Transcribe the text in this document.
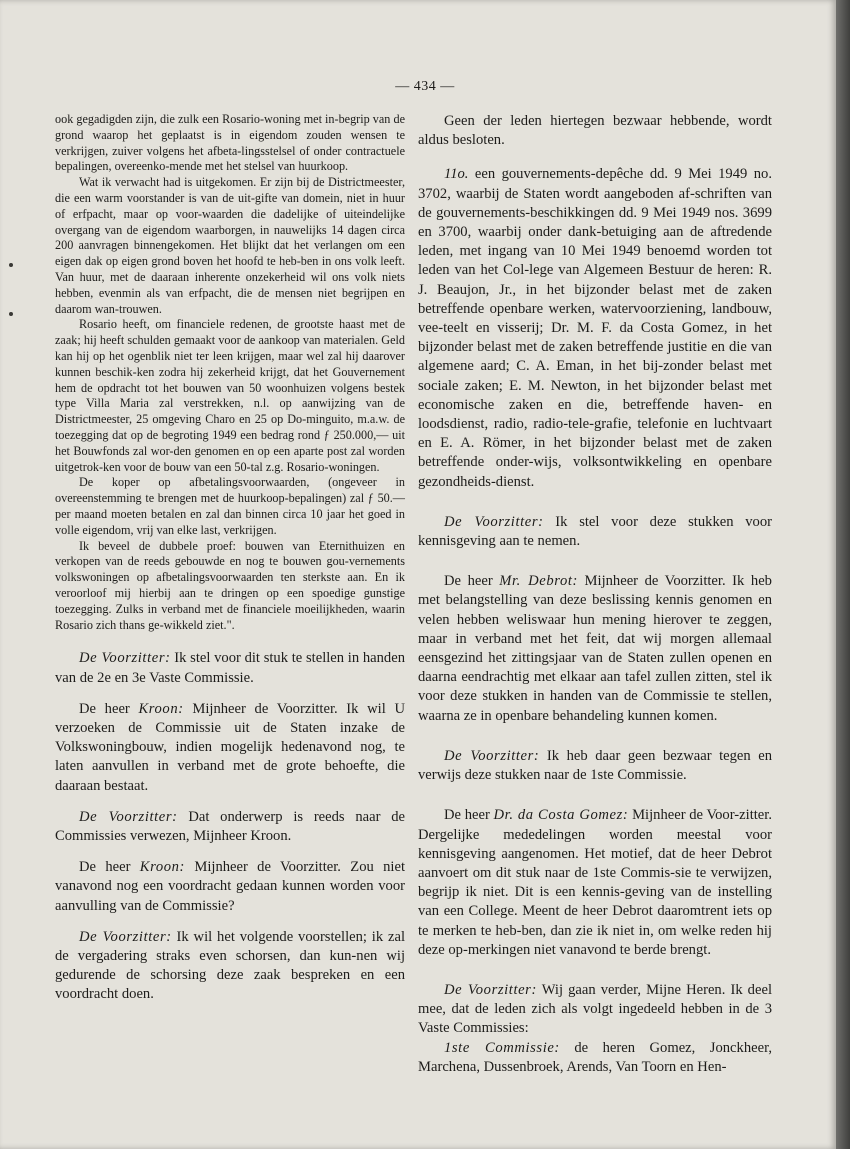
— 434 —

ook gegadigden zijn, die zulk een Rosario-woning met in-begrip van de grond waarop het geplaatst is in eigendom zouden wensen te verkrijgen, zuiver volgens het afbeta-lingsstelsel of onder contractuele bepalingen, overeenko-mende met het stelsel van huurkoop.

Wat ik verwacht had is uitgekomen. Er zijn bij de Districtmeester, die een warm voorstander is van de uit-gifte van domein, niet in huur of erfpacht, maar op voor-waarden die dadelijke of uiteindelijke overgang van de eigendom waarborgen, in nauwelijks 14 dagen circa 200 aanvragen binnengekomen. Het blijkt dat het verlangen om een eigen dak op eigen grond boven het hoofd te heb-ben in ons volk leeft. Van huur, met de daaraan inherente onzekerheid wil ons volk niets hebben, evenmin als van erfpacht, die de mensen niet begrijpen en daarom wan-trouwen.

Rosario heeft, om financiele redenen, de grootste haast met de zaak; hij heeft schulden gemaakt voor de aankoop van materialen. Geld kan hij op het ogenblik niet ter leen krijgen, maar wel zal hij daarover kunnen beschik-ken zodra hij zekerheid krijgt, dat het Gouvernement hem de opdracht tot het bouwen van 50 woonhuizen volgens bestek type Villa Maria zal verstrekken, n.l. op aanwijzing van de Districtmeester, 25 omgeving Charo en 25 op Do-minguito, m.a.w. de toezegging dat op de begroting 1949 een bedrag rond ƒ 250.000,— uit het Bouwfonds zal wor-den genomen en op een aparte post zal worden uitgetrok-ken voor de bouw van een 50-tal z.g. Rosario-woningen.

De koper op afbetalingsvoorwaarden, (ongeveer in overeenstemming te brengen met de huurkoop-bepalingen) zal ƒ 50.— per maand moeten betalen en zal dan binnen circa 10 jaar het goed in volle eigendom, vrij van elke last, verkrijgen.

Ik beveel de dubbele proef: bouwen van Eternithuizen en verkopen van de reeds gebouwde en nog te bouwen gou-vernements volkswoningen op afbetalingsvoorwaarden ten sterkste aan. En ik veroorloof mij hierbij aan te dringen op een spoedige gunstige toezegging. Zulks in verband met de financiele moeilijkheden, waarin Rosario zich thans ge-wikkeld ziet.".

De Voorzitter: Ik stel voor dit stuk te stellen in handen van de 2e en 3e Vaste Commissie.

De heer Kroon: Mijnheer de Voorzitter. Ik wil U verzoeken de Commissie uit de Staten inzake de Volkswoningbouw, indien mogelijk hedenavond nog, te laten aanvullen in verband met de grote behoefte, die daaraan bestaat.

De Voorzitter: Dat onderwerp is reeds naar de Commissies verwezen, Mijnheer Kroon.

De heer Kroon: Mijnheer de Voorzitter. Zou niet vanavond nog een voordracht gedaan kunnen worden voor aanvulling van de Commissie?

De Voorzitter: Ik wil het volgende voorstellen; ik zal de vergadering straks even schorsen, dan kun-nen wij gedurende de schorsing deze zaak bespreken en een voordracht doen.

Geen der leden hiertegen bezwaar hebbende, wordt aldus besloten.

11o. een gouvernements-depêche dd. 9 Mei 1949 no. 3702, waarbij de Staten wordt aangeboden af-schriften van de gouvernements-beschikkingen dd. 9 Mei 1949 nos. 3699 en 3700, waarbij onder dank-betuiging aan de aftredende leden, met ingang van 10 Mei 1949 benoemd worden tot leden van het Col-lege van Algemeen Bestuur de heren: R. J. Beaujon, Jr., in het bijzonder belast met de zaken betreffende openbare werken, watervoorziening, landbouw, vee-teelt en visserij; Dr. M. F. da Costa Gomez, in het bijzonder belast met de zaken betreffende justitie en die van algemene aard; C. A. Eman, in het bij-zonder belast met sociale zaken; E. M. Newton, in het bijzonder belast met economische zaken en die, betreffende haven- en loodsdienst, radio, radio-tele-grafie, telefonie en luchtvaart en E. A. Römer, in het bijzonder belast met de zaken betreffende onder-wijs, volksontwikkeling en openbare gezondheids-dienst.

De Voorzitter: Ik stel voor deze stukken voor kennisgeving aan te nemen.

De heer Mr. Debrot: Mijnheer de Voorzitter. Ik heb met belangstelling van deze beslissing kennis genomen en velen hebben weliswaar hun mening hierover te zeggen, maar in verband met het feit, dat wij morgen allemaal eensgezind het zittingsjaar van de Staten zullen openen en daarna eendrachtig met elkaar aan tafel zullen zitten, stel ik voor deze stukken in handen van de Commissie te stellen, waarna ze in openbare behandeling kunnen komen.

De Voorzitter: Ik heb daar geen bezwaar tegen en verwijs deze stukken naar de 1ste Commissie.

De heer Dr. da Costa Gomez: Mijnheer de Voor-zitter. Dergelijke mededelingen worden meestal voor kennisgeving aangenomen. Het motief, dat de heer Debrot aanvoert om dit stuk naar de 1ste Commis-sie te verwijzen, begrijp ik niet. Dit is een kennis-geving van de instelling van een College. Meent de heer Debrot daaromtrent iets op te merken te heb-ben, dan zie ik niet in, om welke reden hij deze op-merkingen niet vanavond te berde brengt.

De Voorzitter: Wij gaan verder, Mijne Heren. Ik deel mee, dat de leden zich als volgt ingedeeld hebben in de 3 Vaste Commissies:

1ste Commissie: de heren Gomez, Jonckheer, Marchena, Dussenbroek, Arends, Van Toorn en Hen-
